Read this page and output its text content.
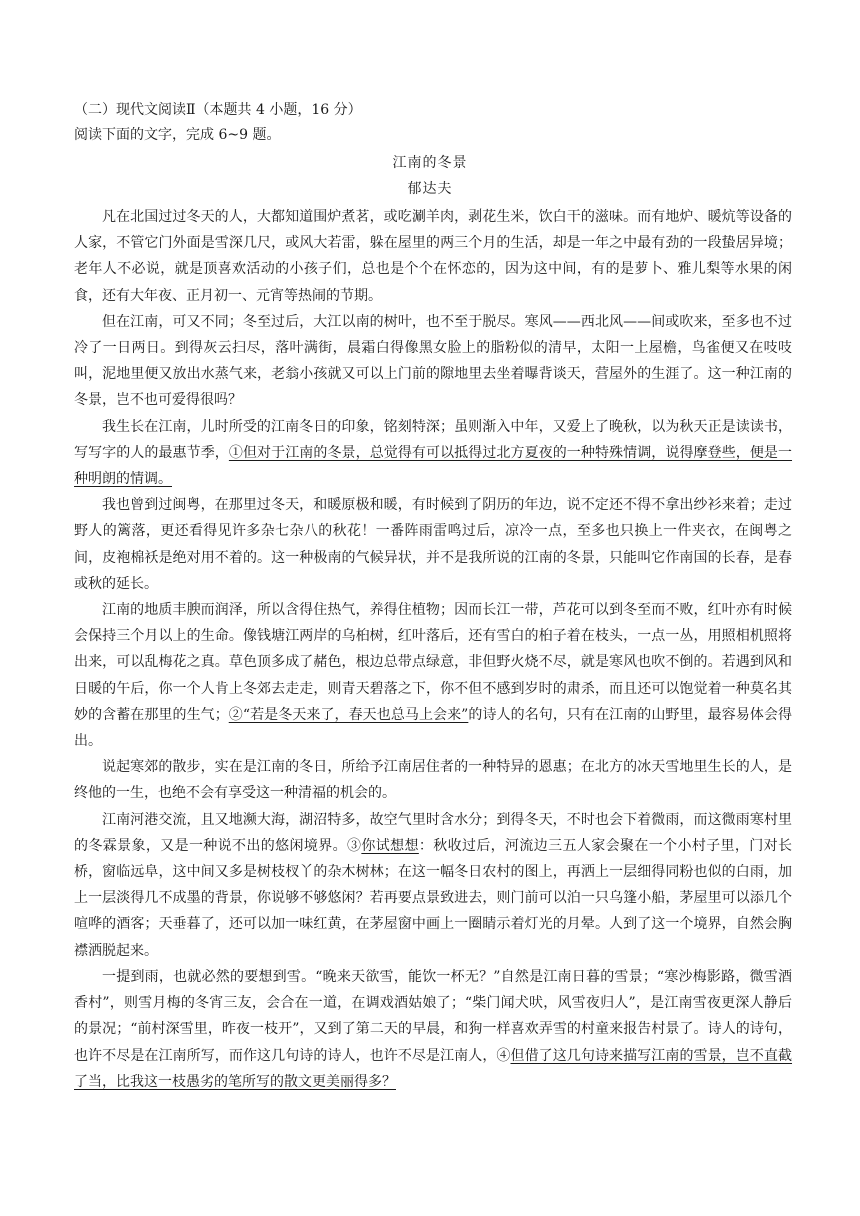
（二）现代文阅读Ⅱ（本题共 4 小题，16 分）
阅读下面的文字，完成 6~9 题。
江南的冬景
郁达夫

凡在北国过过冬天的人，大都知道围炉煮茗，或吃涮羊肉，剥花生米，饮白干的滋味。而有地炉、暖炕等设备的人家，不管它门外面是雪深几尺，或风大若雷，躲在屋里的两三个月的生活，却是一年之中最有劲的一段蛰居异境；老年人不必说，就是顶喜欢活动的小孩子们，总也是个个在怀恋的，因为这中间，有的是萝卜、雅儿梨等水果的闲食，还有大年夜、正月初一、元宵等热闹的节期。

但在江南，可又不同；冬至过后，大江以南的树叶，也不至于脱尽。寒风——西北风——间或吹来，至多也不过冷了一日两日。到得灰云扫尽，落叶满街，晨霜白得像黑女脸上的脂粉似的清早，太阳一上屋檐，鸟雀便又在吱吱叫，泥地里便又放出水蒸气来，老翁小孩就又可以上门前的隙地里去坐着曝背谈天，营屋外的生涯了。这一种江南的冬景，岂不也可爱得很吗？

我生长在江南，儿时所受的江南冬日的印象，铭刻特深；虽则渐入中年，又爱上了晚秋，以为秋天正是读读书，写写字的人的最惠节季，①但对于江南的冬景，总觉得有可以抵得过北方夏夜的一种特殊情调，说得摩登些，便是一种明朗的情调。

我也曾到过闽粤，在那里过冬天，和暖原极和暖，有时候到了阴历的年边，说不定还不得不拿出纱衫来着；走过野人的篱落，更还看得见许多杂七杂八的秋花！一番阵雨雷鸣过后，凉冷一点，至多也只换上一件夹衣，在闽粤之间，皮袍棉袄是绝对用不着的。这一种极南的气候异状，并不是我所说的江南的冬景，只能叫它作南国的长春，是春或秋的延长。

江南的地质丰腴而润泽，所以含得住热气，养得住植物；因而长江一带，芦花可以到冬至而不败，红叶亦有时候会保持三个月以上的生命。像钱塘江两岸的乌桕树，红叶落后，还有雪白的桕子着在枝头，一点一丛，用照相机照将出来，可以乱梅花之真。草色顶多成了赭色，根边总带点绿意，非但野火烧不尽，就是寒风也吹不倒的。若遇到风和日暖的午后，你一个人肯上冬郊去走走，则青天碧落之下，你不但不感到岁时的肃杀，而且还可以饱觉着一种莫名其妙的含蓄在那里的生气；②“若是冬天来了，春天也总马上会来”的诗人的名句，只有在江南的山野里，最容易体会得出。

说起寒郊的散步，实在是江南的冬日，所给予江南居住者的一种特异的恩惠；在北方的冰天雪地里生长的人，是终他的一生，也绝不会有享受这一种清福的机会的。

江南河港交流，且又地濒大海，湖沼特多，故空气里时含水分；到得冬天，不时也会下着微雨，而这微雨寒村里的冬霖景象，又是一种说不出的悠闲境界。③你试想想：秋收过后，河流边三五人家会聚在一个小村子里，门对长桥，窗临远阜，这中间又多是树枝杈丫的杂木树林；在这一幅冬日农村的图上，再洒上一层细得同粉也似的白雨，加上一层淡得几不成墨的背景，你说够不够悠闲？若再要点景致进去，则门前可以泊一只乌篷小船，茅屋里可以添几个喧哗的酒客；天垂暮了，还可以加一味红黄，在茅屋窗中画上一圈睛示着灯光的月晕。人到了这一个境界，自然会胸襟洒脱起来。

一提到雨，也就必然的要想到雪。“晚来天欲雪，能饮一杯无？”自然是江南日暮的雪景；“寒沙梅影路，微雪酒香村”，则雪月梅的冬宵三友，会合在一道，在调戏酒姑娘了；“柴门闻犬吠，风雪夜归人”，是江南雪夜更深人静后的景况；“前村深雪里，昨夜一枝开”，又到了第二天的早晨，和狗一样喜欢弄雪的村童来报告村景了。诗人的诗句，也许不尽是在江南所写，而作这几句诗的诗人，也许不尽是江南人，④但借了这几句诗来描写江南的雪景，岂不直截了当，比我这一枝愚劣的笔所写的散文更美丽得多？
